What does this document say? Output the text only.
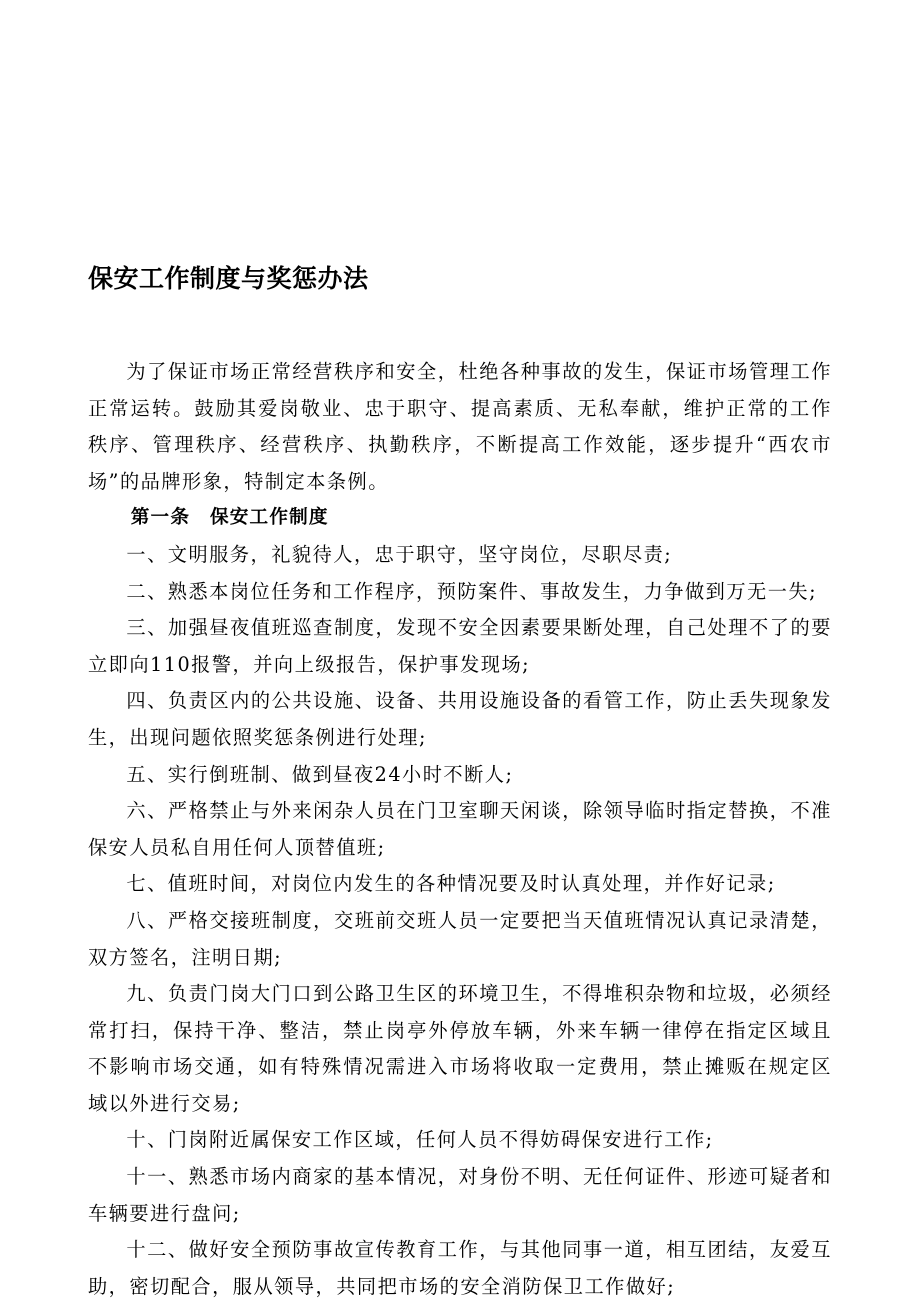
保安工作制度与奖惩办法

为了保证市场正常经营秩序和安全，杜绝各种事故的发生，保证市场管理工作正常运转。鼓励其爱岗敬业、忠于职守、提高素质、无私奉献，维护正常的工作秩序、管理秩序、经营秩序、执勤秩序，不断提高工作效能，逐步提升“西农市场”的品牌形象，特制定本条例。

第一条　保安工作制度

一、文明服务，礼貌待人，忠于职守，坚守岗位，尽职尽责;

二、熟悉本岗位任务和工作程序，预防案件、事故发生，力争做到万无一失;

三、加强昼夜值班巡查制度，发现不安全因素要果断处理，自己处理不了的要立即向110报警，并向上级报告，保护事发现场;

四、负责区内的公共设施、设备、共用设施设备的看管工作，防止丢失现象发生，出现问题依照奖惩条例进行处理;

五、实行倒班制、做到昼夜24小时不断人;

六、严格禁止与外来闲杂人员在门卫室聊天闲谈，除领导临时指定替换，不准保安人员私自用任何人顶替值班;

七、值班时间，对岗位内发生的各种情况要及时认真处理，并作好记录;

八、严格交接班制度，交班前交班人员一定要把当天值班情况认真记录清楚，双方签名，注明日期;

九、负责门岗大门口到公路卫生区的环境卫生，不得堆积杂物和垃圾，必须经常打扫，保持干净、整洁，禁止岗亭外停放车辆，外来车辆一律停在指定区域且不影响市场交通，如有特殊情况需进入市场将收取一定费用，禁止摊贩在规定区域以外进行交易;

十、门岗附近属保安工作区域，任何人员不得妨碍保安进行工作;

十一、熟悉市场内商家的基本情况，对身份不明、无任何证件、形迹可疑者和车辆要进行盘问;

十二、做好安全预防事故宣传教育工作，与其他同事一道，相互团结，友爱互助，密切配合，服从领导，共同把市场的安全消防保卫工作做好;
